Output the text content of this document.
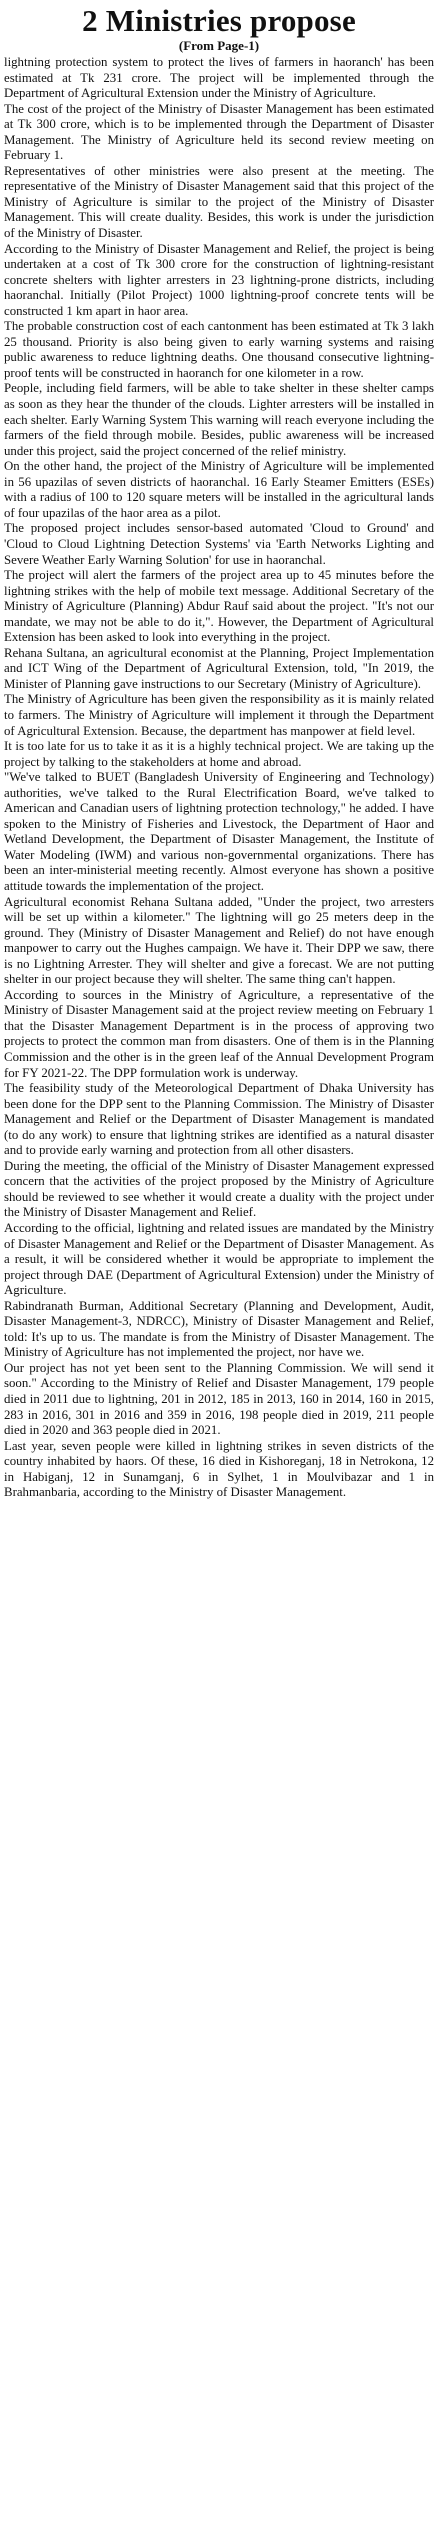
2 Ministries propose
(From Page-1)

lightning protection system to protect the lives of farmers in haoranch' has been estimated at Tk 231 crore. The project will be implemented through the Department of Agricultural Extension under the Ministry of Agriculture.

The cost of the project of the Ministry of Disaster Management has been estimated at Tk 300 crore, which is to be implemented through the Department of Disaster Management. The Ministry of Agriculture held its second review meeting on February 1.

Representatives of other ministries were also present at the meeting. The representative of the Ministry of Disaster Management said that this project of the Ministry of Agriculture is similar to the project of the Ministry of Disaster Management. This will create duality. Besides, this work is under the jurisdiction of the Ministry of Disaster.

According to the Ministry of Disaster Management and Relief, the project is being undertaken at a cost of Tk 300 crore for the construction of lightning-resistant concrete shelters with lighter arresters in 23 lightning-prone districts, including haoranchal. Initially (Pilot Project) 1000 lightning-proof concrete tents will be constructed 1 km apart in haor area.

The probable construction cost of each cantonment has been estimated at Tk 3 lakh 25 thousand. Priority is also being given to early warning systems and raising public awareness to reduce lightning deaths. One thousand consecutive lightning-proof tents will be constructed in haoranch for one kilometer in a row.

People, including field farmers, will be able to take shelter in these shelter camps as soon as they hear the thunder of the clouds. Lighter arresters will be installed in each shelter. Early Warning System This warning will reach everyone including the farmers of the field through mobile. Besides, public awareness will be increased under this project, said the project concerned of the relief ministry.

On the other hand, the project of the Ministry of Agriculture will be implemented in 56 upazilas of seven districts of haoranchal. 16 Early Steamer Emitters (ESEs) with a radius of 100 to 120 square meters will be installed in the agricultural lands of four upazilas of the haor area as a pilot.

The proposed project includes sensor-based automated 'Cloud to Ground' and 'Cloud to Cloud Lightning Detection Systems' via 'Earth Networks Lighting and Severe Weather Early Warning Solution' for use in haoranchal.

The project will alert the farmers of the project area up to 45 minutes before the lightning strikes with the help of mobile text message. Additional Secretary of the Ministry of Agriculture (Planning) Abdur Rauf said about the project. "It's not our mandate, we may not be able to do it,". However, the Department of Agricultural Extension has been asked to look into everything in the project.

Rehana Sultana, an agricultural economist at the Planning, Project Implementation and ICT Wing of the Department of Agricultural Extension, told, "In 2019, the Minister of Planning gave instructions to our Secretary (Ministry of Agriculture).

The Ministry of Agriculture has been given the responsibility as it is mainly related to farmers. The Ministry of Agriculture will implement it through the Department of Agricultural Extension. Because, the department has manpower at field level.

It is too late for us to take it as it is a highly technical project. We are taking up the project by talking to the stakeholders at home and abroad.

"We've talked to BUET (Bangladesh University of Engineering and Technology) authorities, we've talked to the Rural Electrification Board, we've talked to American and Canadian users of lightning protection technology," he added. I have spoken to the Ministry of Fisheries and Livestock, the Department of Haor and Wetland Development, the Department of Disaster Management, the Institute of Water Modeling (IWM) and various non-governmental organizations. There has been an inter-ministerial meeting recently. Almost everyone has shown a positive attitude towards the implementation of the project.

Agricultural economist Rehana Sultana added, "Under the project, two arresters will be set up within a kilometer." The lightning will go 25 meters deep in the ground. They (Ministry of Disaster Management and Relief) do not have enough manpower to carry out the Hughes campaign. We have it. Their DPP we saw, there is no Lightning Arrester. They will shelter and give a forecast. We are not putting shelter in our project because they will shelter. The same thing can't happen.

According to sources in the Ministry of Agriculture, a representative of the Ministry of Disaster Management said at the project review meeting on February 1 that the Disaster Management Department is in the process of approving two projects to protect the common man from disasters. One of them is in the Planning Commission and the other is in the green leaf of the Annual Development Program for FY 2021-22. The DPP formulation work is underway.

The feasibility study of the Meteorological Department of Dhaka University has been done for the DPP sent to the Planning Commission. The Ministry of Disaster Management and Relief or the Department of Disaster Management is mandated (to do any work) to ensure that lightning strikes are identified as a natural disaster and to provide early warning and protection from all other disasters.

During the meeting, the official of the Ministry of Disaster Management expressed concern that the activities of the project proposed by the Ministry of Agriculture should be reviewed to see whether it would create a duality with the project under the Ministry of Disaster Management and Relief.

According to the official, lightning and related issues are mandated by the Ministry of Disaster Management and Relief or the Department of Disaster Management. As a result, it will be considered whether it would be appropriate to implement the project through DAE (Department of Agricultural Extension) under the Ministry of Agriculture.

Rabindranath Burman, Additional Secretary (Planning and Development, Audit, Disaster Management-3, NDRCC), Ministry of Disaster Management and Relief, told: It's up to us. The mandate is from the Ministry of Disaster Management. The Ministry of Agriculture has not implemented the project, nor have we.

Our project has not yet been sent to the Planning Commission. We will send it soon." According to the Ministry of Relief and Disaster Management, 179 people died in 2011 due to lightning, 201 in 2012, 185 in 2013, 160 in 2014, 160 in 2015, 283 in 2016, 301 in 2016 and 359 in 2016, 198 people died in 2019, 211 people died in 2020 and 363 people died in 2021.

Last year, seven people were killed in lightning strikes in seven districts of the country inhabited by haors. Of these, 16 died in Kishoreganj, 18 in Netrokona, 12 in Habiganj, 12 in Sunamganj, 6 in Sylhet, 1 in Moulvibazar and 1 in Brahmanbaria, according to the Ministry of Disaster Management.
